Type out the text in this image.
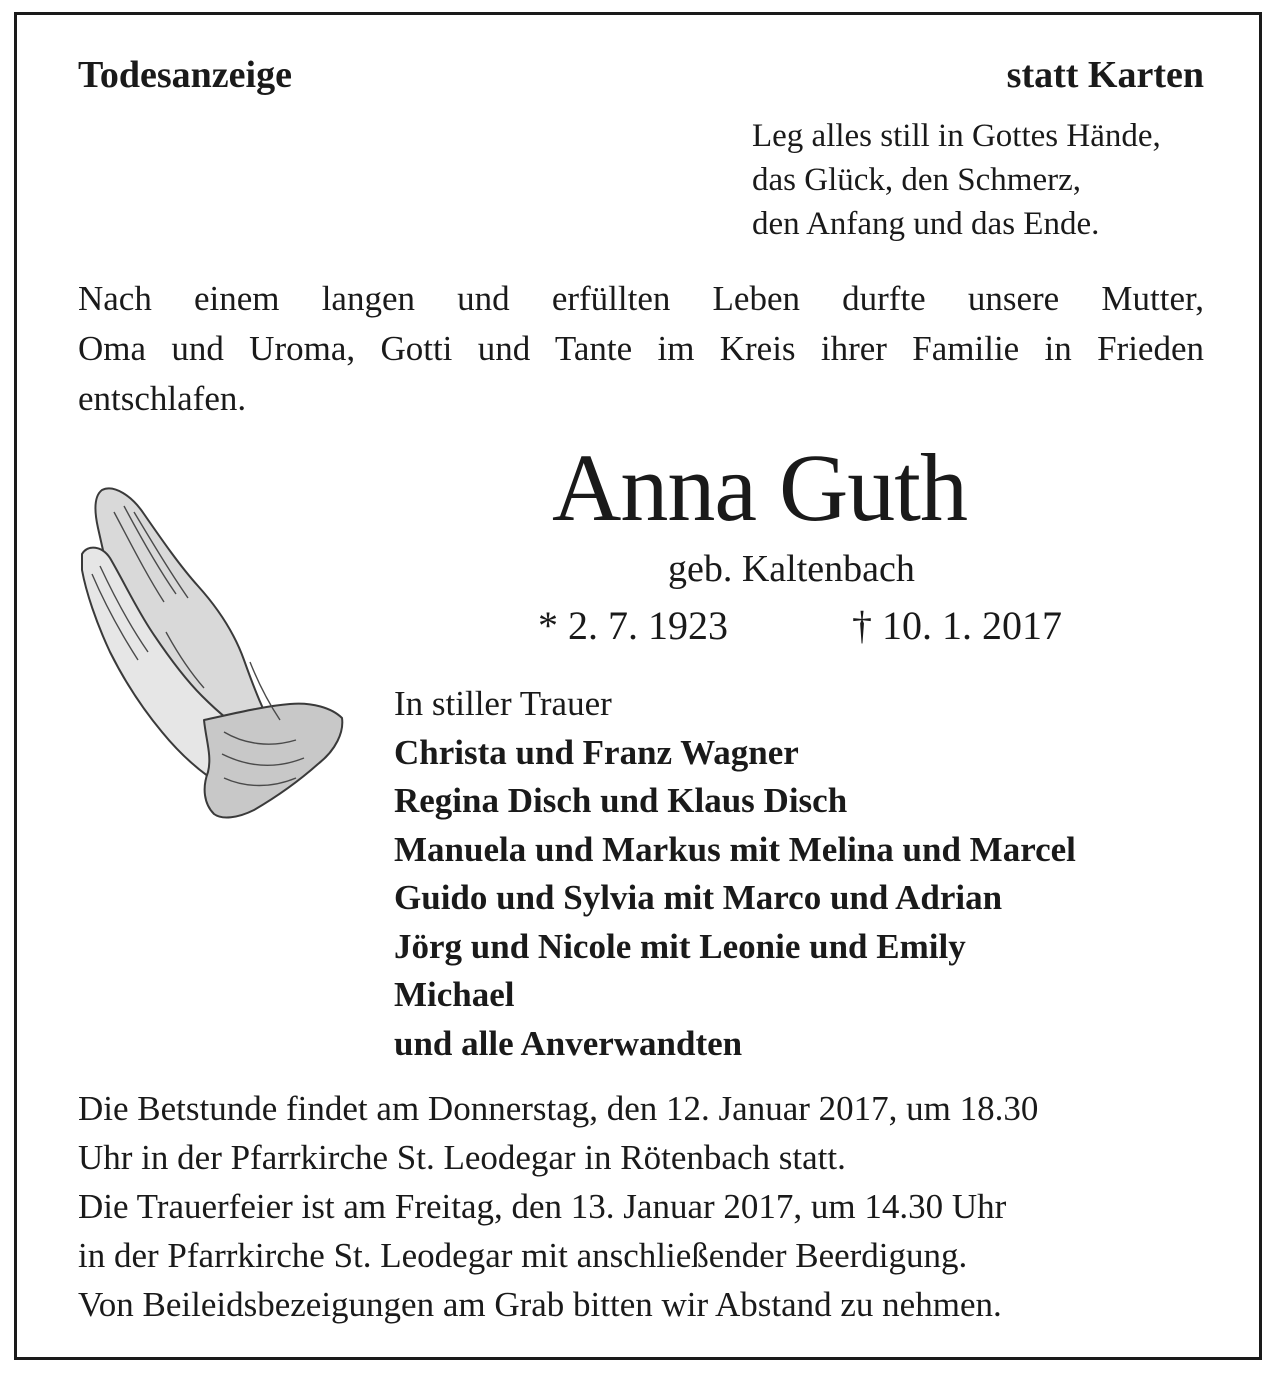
Todesanzeige	statt Karten
Leg alles still in Gottes Hände,
das Glück, den Schmerz,
den Anfang und das Ende.
Nach einem langen und erfüllten Leben durfte unsere Mutter,
Oma und Uroma, Gotti und Tante im Kreis ihrer Familie in Frieden
entschlafen.
Anna Guth
geb. Kaltenbach
* 2. 7. 1923	† 10. 1. 2017
In stiller Trauer
Christa und Franz Wagner
Regina Disch und Klaus Disch
Manuela und Markus mit Melina und Marcel
Guido und Sylvia mit Marco und Adrian
Jörg und Nicole mit Leonie und Emily
Michael
und alle Anverwandten
Die Betstunde findet am Donnerstag, den 12. Januar 2017, um 18.30
Uhr in der Pfarrkirche St. Leodegar in Rötenbach statt.
Die Trauerfeier ist am Freitag, den 13. Januar 2017, um 14.30 Uhr
in der Pfarrkirche St. Leodegar mit anschließender Beerdigung.
Von Beileidsbezeigungen am Grab bitten wir Abstand zu nehmen.
